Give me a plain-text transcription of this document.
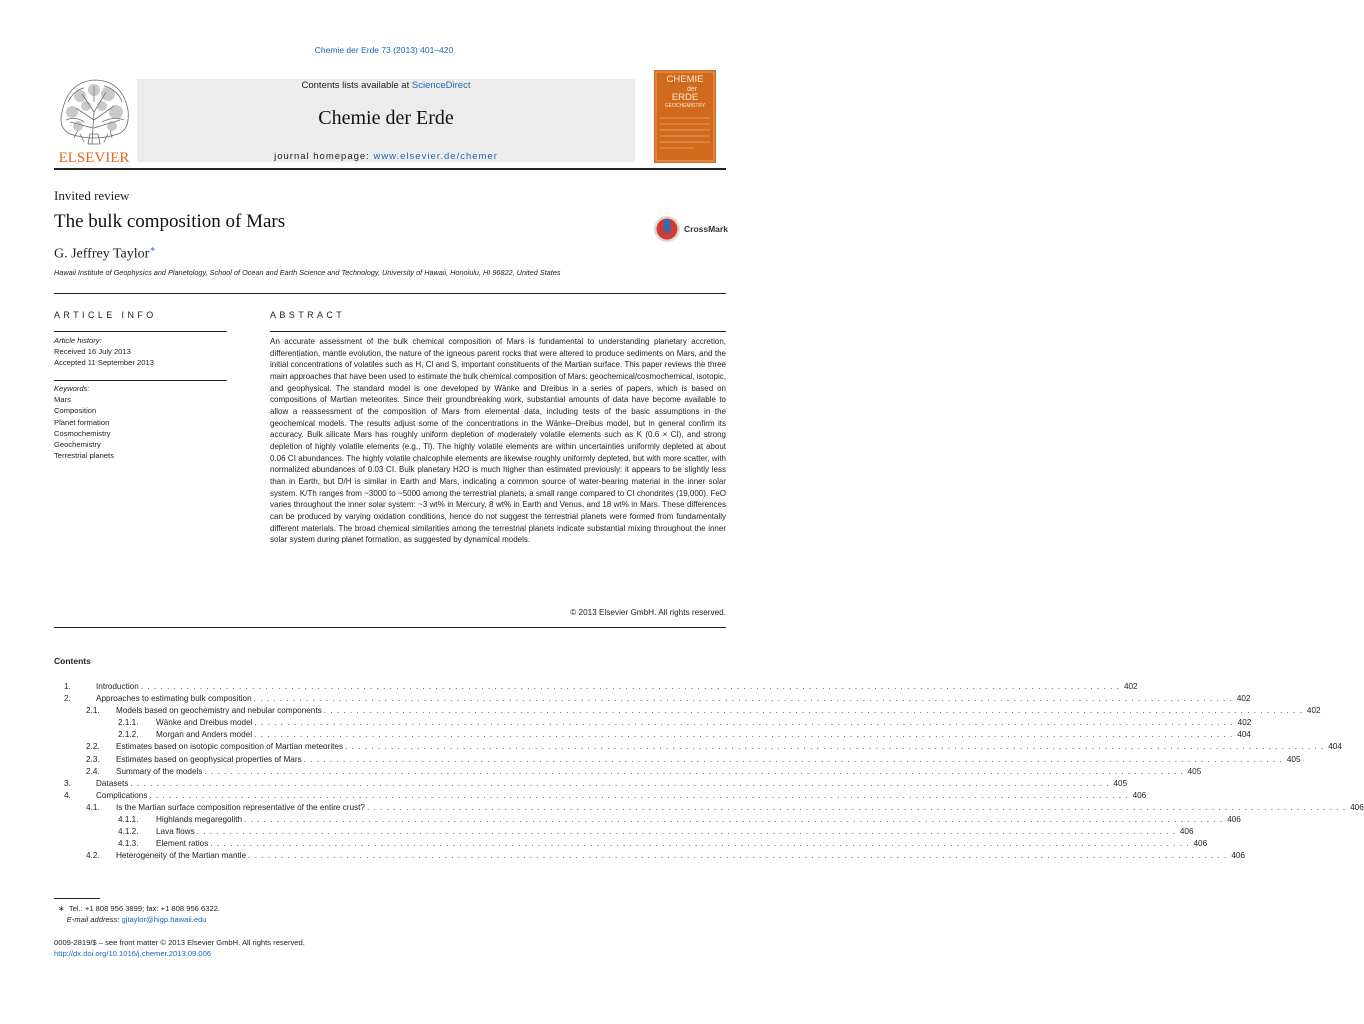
Chemie der Erde 73 (2013) 401–420
ELSEVIER
Contents lists available at ScienceDirect
Chemie der Erde
journal homepage: www.elsevier.de/chemer
CHEMIE
der
ERDE
GEOCHEMISTRY
Invited review
The bulk composition of Mars	CrossMark
G. Jeffrey Taylor∗
Hawaii Institute of Geophysics and Planetology, School of Ocean and Earth Science and Technology, University of Hawaii, Honolulu, HI 96822, United States
ARTICLE INFO	ABSTRACT
Article history:
Received 16 July 2013
Accepted 11 September 2013
Keywords:
Mars
Composition
Planet formation
Cosmochemistry
Geochemistry
Terrestrial planets

An accurate assessment of the bulk chemical composition of Mars is fundamental to understanding planetary accretion, differentiation, mantle evolution, the nature of the igneous parent rocks that were altered to produce sediments on Mars, and the initial concentrations of volatiles such as H, Cl and S, important constituents of the Martian surface. This paper reviews the three main approaches that have been used to estimate the bulk chemical composition of Mars: geochemical/cosmochemical, isotopic, and geophysical. The standard model is one developed by Wänke and Dreibus in a series of papers, which is based on compositions of Martian meteorites. Since their groundbreaking work, substantial amounts of data have become available to allow a reassessment of the composition of Mars from elemental data, including tests of the basic assumptions in the geochemical models. The results adjust some of the concentrations in the Wänke–Dreibus model, but in general confirm its accuracy. Bulk silicate Mars has roughly uniform depletion of moderately volatile elements such as K (0.6 × CI), and strong depletion of highly volatile elements (e.g., Tl). The highly volatile elements are within uncertainties uniformly depleted at about 0.06 CI abundances. The highly volatile chalcophile elements are likewise roughly uniformly depleted, but with more scatter, with normalized abundances of 0.03 CI. Bulk planetary H2O is much higher than estimated previously: it appears to be slightly less than in Earth, but D/H is similar in Earth and Mars, indicating a common source of water-bearing material in the inner solar system. K/Th ranges from ~3000 to ~5000 among the terrestrial planets, a small range compared to CI chondrites (19,000). FeO varies throughout the inner solar system: ~3 wt% in Mercury, 8 wt% in Earth and Venus, and 18 wt% in Mars. These differences can be produced by varying oxidation conditions, hence do not suggest the terrestrial planets were formed from fundamentally different materials. The broad chemical similarities among the terrestrial planets indicate substantial mixing throughout the inner solar system during planet formation, as suggested by dynamical models.

© 2013 Elsevier GmbH. All rights reserved.
Contents
1.	Introduction . . . . . . . . . . . . . . . . . . . . . . . . . . . . . . . . . . . . . . . . . . . . . . . . . . . . . . . . . . . . . . . . . . . . . . . . . . . . . . . . . . . . . . . . . . . . . . . . . . . . . . . . . . . . . . . . . . . . . . . . . . . . . . . . . . . . . . . . . . . . . . . . . . . . . . 402
2.	Approaches to estimating bulk composition . . . . . . . . . . . . . . . . . . . . . . . . . . . . . . . . . . . . . . . . . . . . . . . . . . . . . . . . . . . . . . . . . . . . . . . . . . . . . . . . . . . . . . . . . . . . . . . . . . . . . . . . . . . . . . . . . . . . . . . . . . . . . . . . . . . . . . . . . . . . . . . . . . . . . . 402
2.1.	Models based on geochemistry and nebular components . . . . . . . . . . . . . . . . . . . . . . . . . . . . . . . . . . . . . . . . . . . . . . . . . . . . . . . . . . . . . . . . . . . . . . . . . . . . . . . . . . . . . . . . . . . . . . . . . . . . . . . . . . . . . . . . . . . . . . . . . . . . . . . . . . . . . . . . . . . . . . . . . . . . . . 402
2.1.1.	Wänke and Dreibus model . . . . . . . . . . . . . . . . . . . . . . . . . . . . . . . . . . . . . . . . . . . . . . . . . . . . . . . . . . . . . . . . . . . . . . . . . . . . . . . . . . . . . . . . . . . . . . . . . . . . . . . . . . . . . . . . . . . . . . . . . . . . . . . . . . . . . . . . . . . . . . . . . . . . . . 402
2.1.2.	Morgan and Anders model . . . . . . . . . . . . . . . . . . . . . . . . . . . . . . . . . . . . . . . . . . . . . . . . . . . . . . . . . . . . . . . . . . . . . . . . . . . . . . . . . . . . . . . . . . . . . . . . . . . . . . . . . . . . . . . . . . . . . . . . . . . . . . . . . . . . . . . . . . . . . . . . . . . . . . 404
2.2.	Estimates based on isotopic composition of Martian meteorites . . . . . . . . . . . . . . . . . . . . . . . . . . . . . . . . . . . . . . . . . . . . . . . . . . . . . . . . . . . . . . . . . . . . . . . . . . . . . . . . . . . . . . . . . . . . . . . . . . . . . . . . . . . . . . . . . . . . . . . . . . . . . . . . . . . . . . . . . . . . . . . . . . . . . . 404
2.3.	Estimates based on geophysical properties of Mars . . . . . . . . . . . . . . . . . . . . . . . . . . . . . . . . . . . . . . . . . . . . . . . . . . . . . . . . . . . . . . . . . . . . . . . . . . . . . . . . . . . . . . . . . . . . . . . . . . . . . . . . . . . . . . . . . . . . . . . . . . . . . . . . . . . . . . . . . . . . . . . . . . . . . . 405
2.4.	Summary of the models . . . . . . . . . . . . . . . . . . . . . . . . . . . . . . . . . . . . . . . . . . . . . . . . . . . . . . . . . . . . . . . . . . . . . . . . . . . . . . . . . . . . . . . . . . . . . . . . . . . . . . . . . . . . . . . . . . . . . . . . . . . . . . . . . . . . . . . . . . . . . . . . . . . . . . 405
3.	Datasets . . . . . . . . . . . . . . . . . . . . . . . . . . . . . . . . . . . . . . . . . . . . . . . . . . . . . . . . . . . . . . . . . . . . . . . . . . . . . . . . . . . . . . . . . . . . . . . . . . . . . . . . . . . . . . . . . . . . . . . . . . . . . . . . . . . . . . . . . . . . . . . . . . . . . . 405
4.	Complications . . . . . . . . . . . . . . . . . . . . . . . . . . . . . . . . . . . . . . . . . . . . . . . . . . . . . . . . . . . . . . . . . . . . . . . . . . . . . . . . . . . . . . . . . . . . . . . . . . . . . . . . . . . . . . . . . . . . . . . . . . . . . . . . . . . . . . . . . . . . . . . . . . . . . . 406
4.1.	Is the Martian surface composition representative of the entire crust? . . . . . . . . . . . . . . . . . . . . . . . . . . . . . . . . . . . . . . . . . . . . . . . . . . . . . . . . . . . . . . . . . . . . . . . . . . . . . . . . . . . . . . . . . . . . . . . . . . . . . . . . . . . . . . . . . . . . . . . . . . . . . . . . . . . . . . . . . . . . . . . . . . . . . . 406
4.1.1.	Highlands megaregolith . . . . . . . . . . . . . . . . . . . . . . . . . . . . . . . . . . . . . . . . . . . . . . . . . . . . . . . . . . . . . . . . . . . . . . . . . . . . . . . . . . . . . . . . . . . . . . . . . . . . . . . . . . . . . . . . . . . . . . . . . . . . . . . . . . . . . . . . . . . . . . . . . . . . . . 406
4.1.2.	Lava flows . . . . . . . . . . . . . . . . . . . . . . . . . . . . . . . . . . . . . . . . . . . . . . . . . . . . . . . . . . . . . . . . . . . . . . . . . . . . . . . . . . . . . . . . . . . . . . . . . . . . . . . . . . . . . . . . . . . . . . . . . . . . . . . . . . . . . . . . . . . . . . . . . . . . . . 406
4.1.3.	Element ratios . . . . . . . . . . . . . . . . . . . . . . . . . . . . . . . . . . . . . . . . . . . . . . . . . . . . . . . . . . . . . . . . . . . . . . . . . . . . . . . . . . . . . . . . . . . . . . . . . . . . . . . . . . . . . . . . . . . . . . . . . . . . . . . . . . . . . . . . . . . . . . . . . . . . . . 406
4.2.	Heterogeneity of the Martian mantle . . . . . . . . . . . . . . . . . . . . . . . . . . . . . . . . . . . . . . . . . . . . . . . . . . . . . . . . . . . . . . . . . . . . . . . . . . . . . . . . . . . . . . . . . . . . . . . . . . . . . . . . . . . . . . . . . . . . . . . . . . . . . . . . . . . . . . . . . . . . . . . . . . . . . . 406
∗ Tel.: +1 808 956 3899; fax: +1 808 956 6322.
E-mail address: gjtaylor@higp.hawaii.edu
0009-2819/$ – see front matter © 2013 Elsevier GmbH. All rights reserved.
http://dx.doi.org/10.1016/j.chemer.2013.09.006
